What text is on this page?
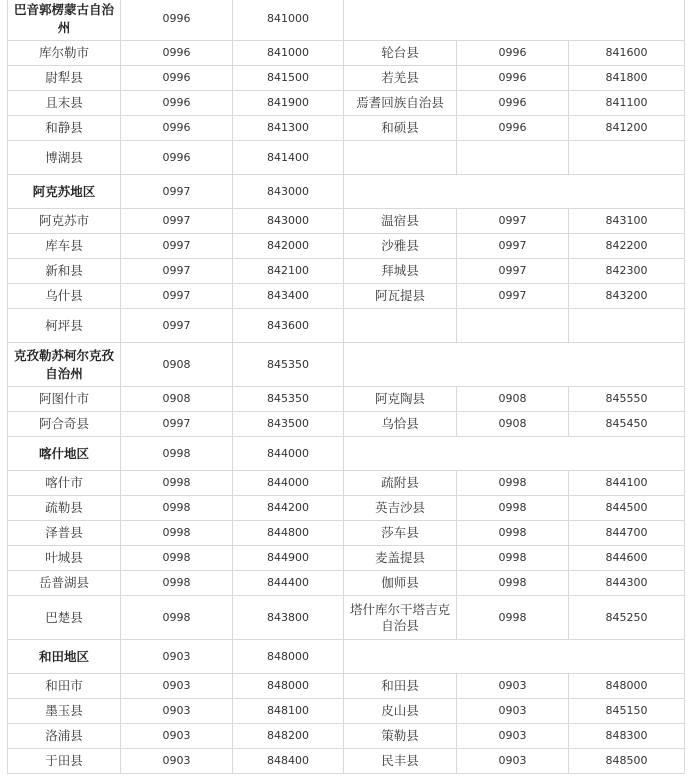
巴音郭楞蒙古自治州	0996	841000			
库尔勒市	0996	841000	轮台县	0996	841600
尉犁县	0996	841500	若羌县	0996	841800
且末县	0996	841900	焉耆回族自治县	0996	841100
和静县	0996	841300	和硕县	0996	841200
博湖县	0996	841400			
阿克苏地区	0997	843000			
阿克苏市	0997	843000	温宿县	0997	843100
库车县	0997	842000	沙雅县	0997	842200
新和县	0997	842100	拜城县	0997	842300
乌什县	0997	843400	阿瓦提县	0997	843200
柯坪县	0997	843600			
克孜勒苏柯尔克孜自治州	0908	845350			
阿图什市	0908	845350	阿克陶县	0908	845550
阿合奇县	0997	843500	乌恰县	0908	845450
喀什地区	0998	844000			
喀什市	0998	844000	疏附县	0998	844100
疏勒县	0998	844200	英吉沙县	0998	844500
泽普县	0998	844800	莎车县	0998	844700
叶城县	0998	844900	麦盖提县	0998	844600
岳普湖县	0998	844400	伽师县	0998	844300
巴楚县	0998	843800	塔什库尔干塔吉克自治县	0998	845250
和田地区	0903	848000			
和田市	0903	848000	和田县	0903	848000
墨玉县	0903	848100	皮山县	0903	845150
洛浦县	0903	848200	策勒县	0903	848300
于田县	0903	848400	民丰县	0903	848500
